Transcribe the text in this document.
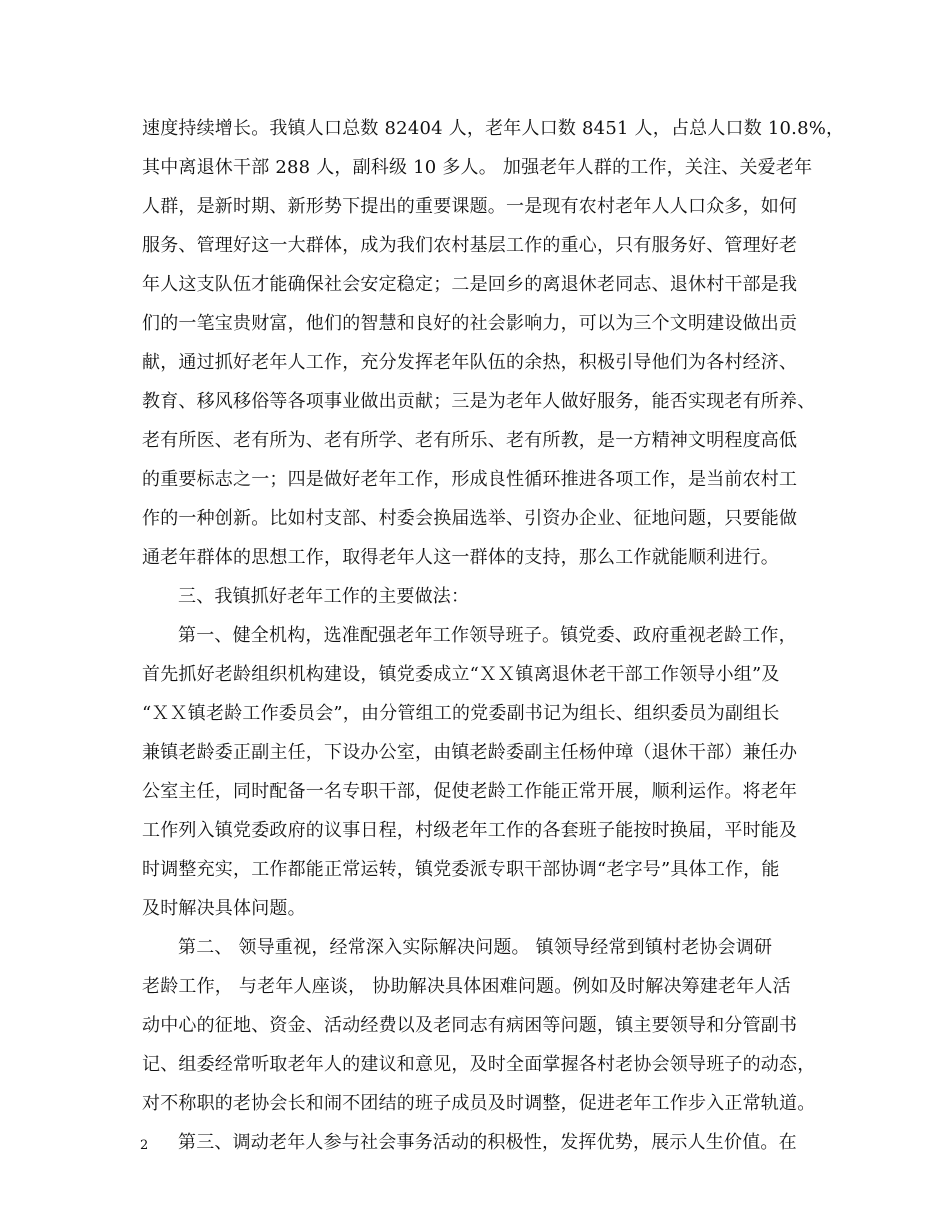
速度持续增长。我镇人口总数 82404 人，老年人口数 8451 人，占总人口数 10.8%，
其中离退休干部 288 人，副科级 10 多人。 加强老年人群的工作，关注、关爱老年
人群，是新时期、新形势下提出的重要课题。一是现有农村老年人人口众多，如何
服务、管理好这一大群体，成为我们农村基层工作的重心，只有服务好、管理好老
年人这支队伍才能确保社会安定稳定；二是回乡的离退休老同志、退休村干部是我
们的一笔宝贵财富，他们的智慧和良好的社会影响力，可以为三个文明建设做出贡
献，通过抓好老年人工作，充分发挥老年队伍的余热，积极引导他们为各村经济、
教育、移风移俗等各项事业做出贡献；三是为老年人做好服务，能否实现老有所养、
老有所医、老有所为、老有所学、老有所乐、老有所教，是一方精神文明程度高低
的重要标志之一；四是做好老年工作，形成良性循环推进各项工作，是当前农村工
作的一种创新。比如村支部、村委会换届选举、引资办企业、征地问题，只要能做
通老年群体的思想工作，取得老年人这一群体的支持，那么工作就能顺利进行。
三、我镇抓好老年工作的主要做法：
第一、健全机构，选准配强老年工作领导班子。镇党委、政府重视老龄工作，
首先抓好老龄组织机构建设，镇党委成立“ＸＸ镇离退休老干部工作领导小组”及
“ＸＸ镇老龄工作委员会”，由分管组工的党委副书记为组长、组织委员为副组长
兼镇老龄委正副主任，下设办公室，由镇老龄委副主任杨仲璋（退休干部）兼任办
公室主任，同时配备一名专职干部，促使老龄工作能正常开展，顺利运作。将老年
工作列入镇党委政府的议事日程，村级老年工作的各套班子能按时换届，平时能及
时调整充实，工作都能正常运转，镇党委派专职干部协调“老字号”具体工作，能
及时解决具体问题。
第二、 领导重视，经常深入实际解决问题。 镇领导经常到镇村老协会调研
老龄工作， 与老年人座谈， 协助解决具体困难问题。例如及时解决筹建老年人活
动中心的征地、资金、活动经费以及老同志有病困等问题，镇主要领导和分管副书
记、组委经常听取老年人的建议和意见，及时全面掌握各村老协会领导班子的动态，
对不称职的老协会长和闹不团结的班子成员及时调整，促进老年工作步入正常轨道。
第三、调动老年人参与社会事务活动的积极性，发挥优势，展示人生价值。在
2
